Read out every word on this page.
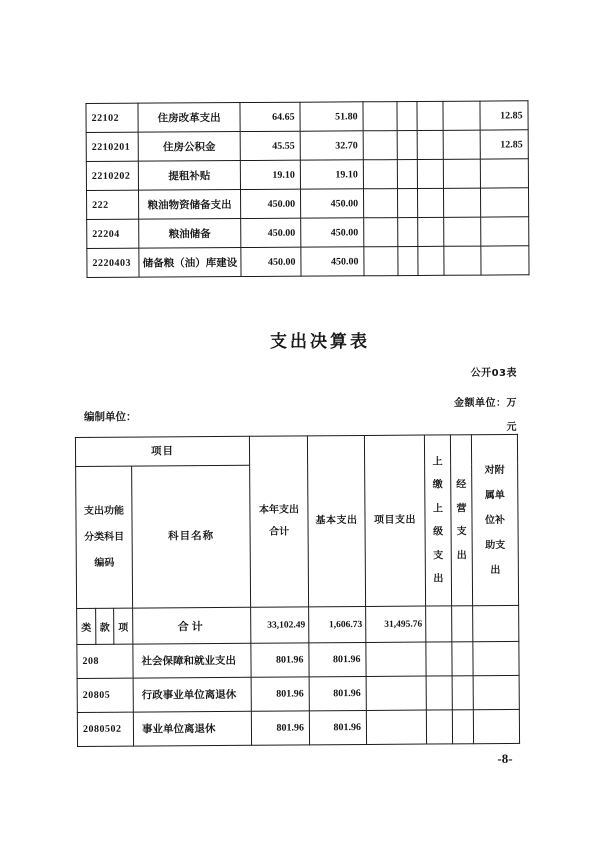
22102	住房改革支出	64.65	51.80					12.85
2210201	住房公积金	45.55	32.70					12.85
2210202	提租补贴	19.10	19.10					
222	粮油物资储备支出	450.00	450.00					
22204	粮油储备	450.00	450.00					
2220403	储备粮（油）库建设	450.00	450.00					
支出决算表
公开03表
金额单位：万
元
编制单位：
项目				本年支出合计	基本支出	项目支出	上缴上级支出	经营支出	对附属单位补助支出
支出功能分类科目编码			科目名称						
类	款	项	合计	33,102.49	1,606.73	31,495.76			
208			社会保障和就业支出	801.96	801.96				
20805			行政事业单位离退休	801.96	801.96				
2080502			事业单位离退休	801.96	801.96				
-8-
